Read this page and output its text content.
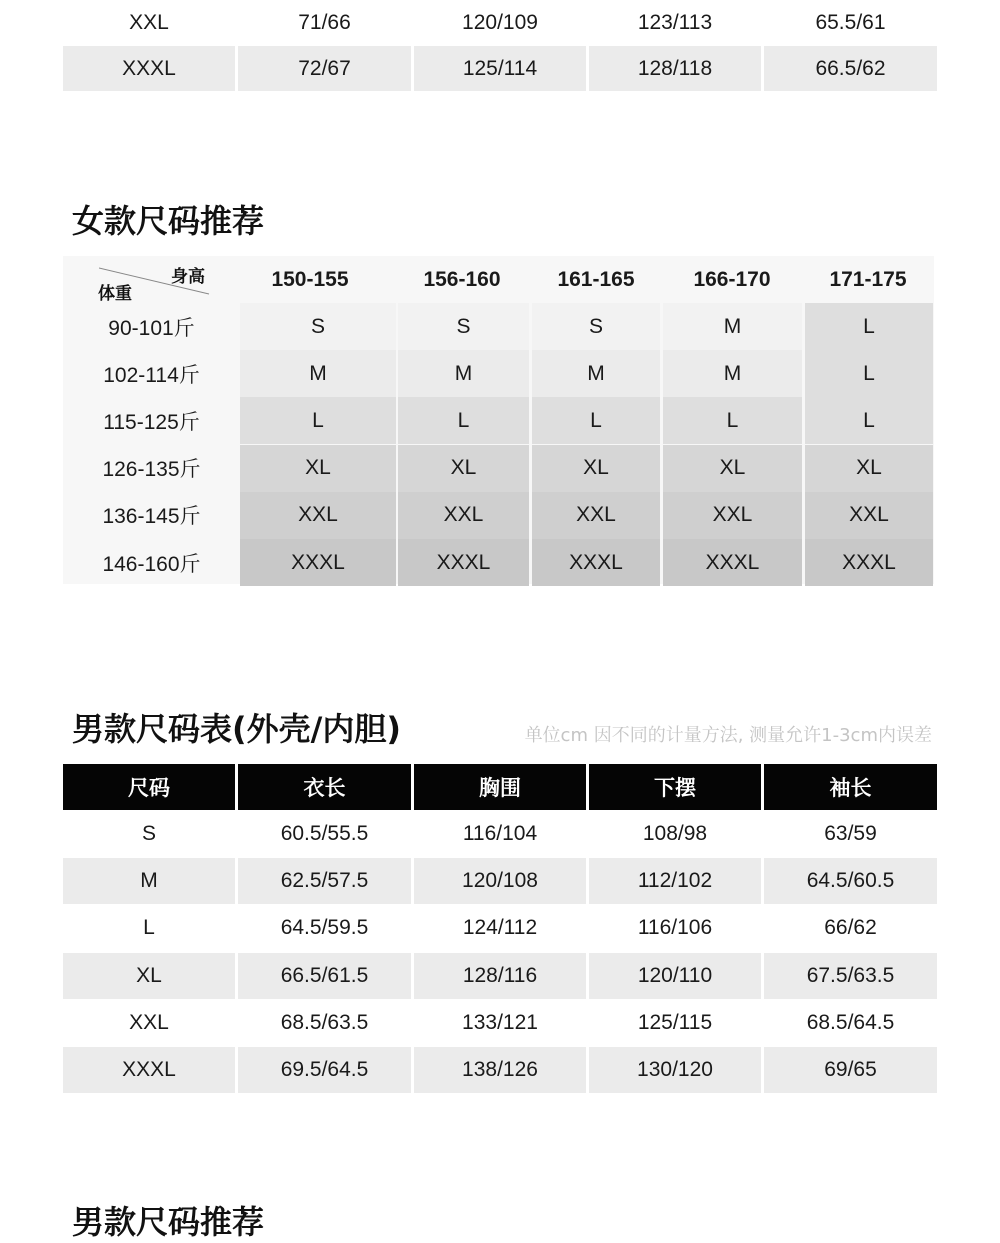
XXL	71/66	120/109	123/113	65.5/61
XXXL	72/67	125/114	128/118	66.5/62
女款尺码推荐
身高
体重
150-155	156-160	161-165	166-170	171-175
90-101斤	S	S	S	M	L
102-114斤	M	M	M	M	L
115-125斤	L	L	L	L	L
126-135斤	XL	XL	XL	XL	XL
136-145斤	XXL	XXL	XXL	XXL	XXL
146-160斤	XXXL	XXXL	XXXL	XXXL	XXXL
男款尺码表(外壳/内胆)	单位cm 因不同的计量方法, 测量允许1-3cm内误差
尺码	衣长	胸围	下摆	袖长
S	60.5/55.5	116/104	108/98	63/59
M	62.5/57.5	120/108	112/102	64.5/60.5
L	64.5/59.5	124/112	116/106	66/62
XL	66.5/61.5	128/116	120/110	67.5/63.5
XXL	68.5/63.5	133/121	125/115	68.5/64.5
XXXL	69.5/64.5	138/126	130/120	69/65
男款尺码推荐
